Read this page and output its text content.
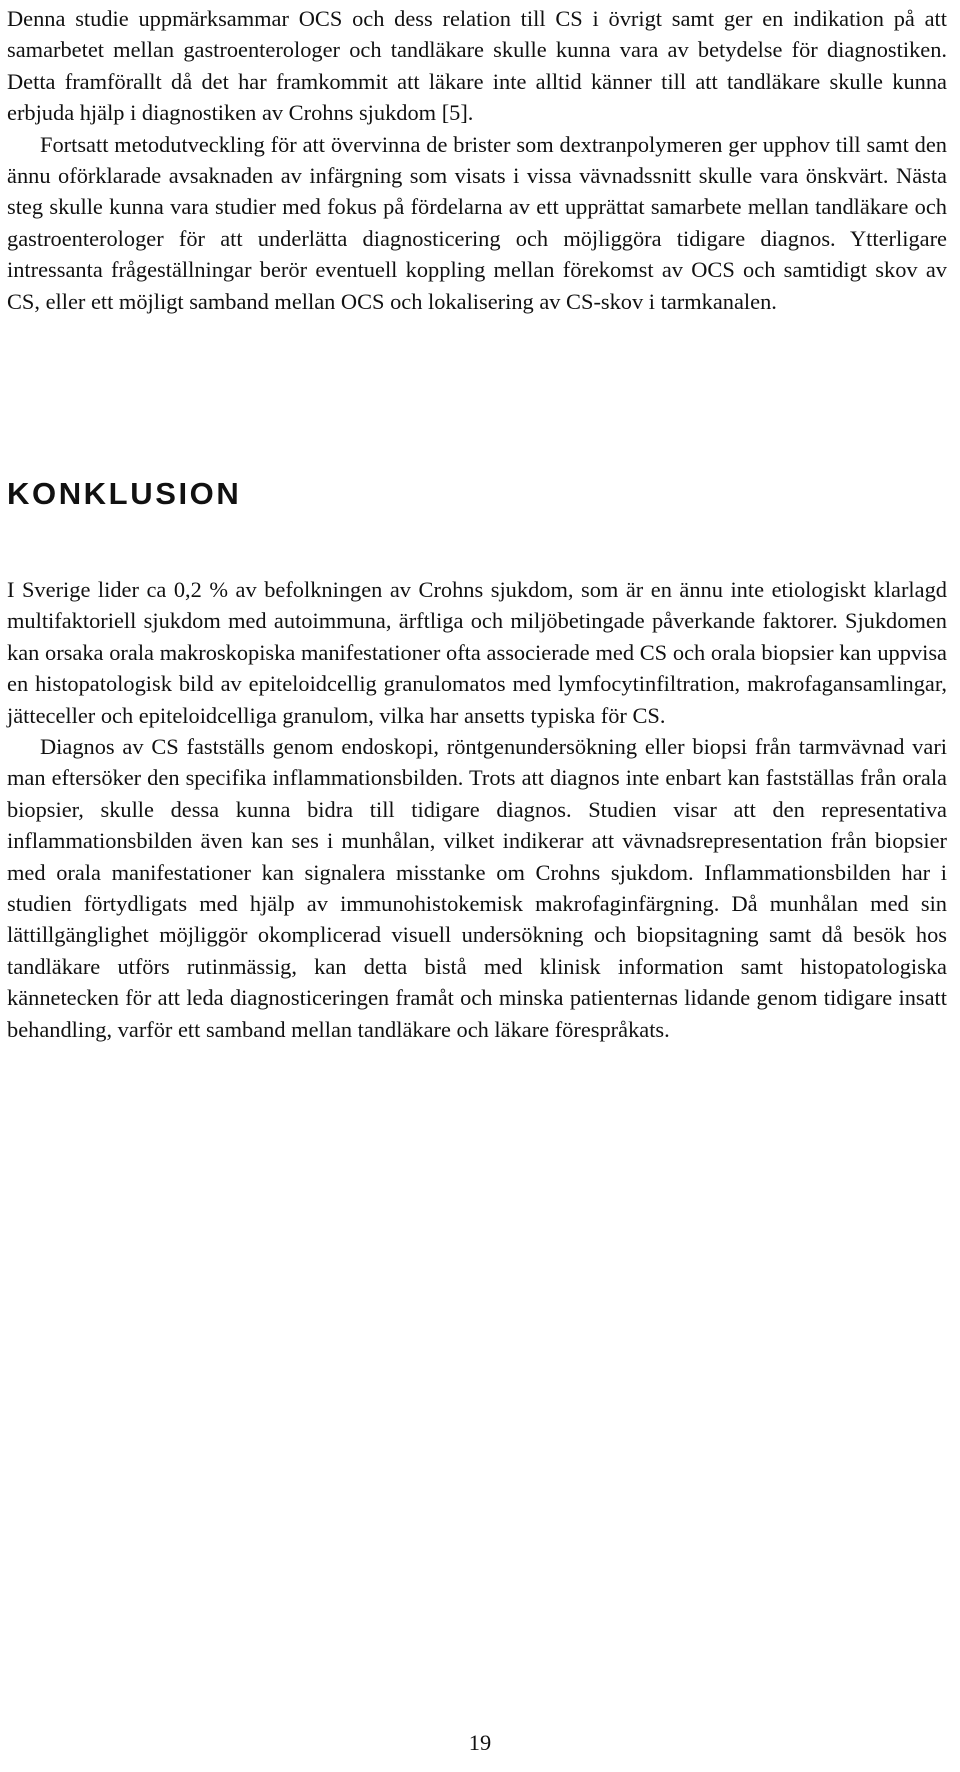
Denna studie uppmärksammar OCS och dess relation till CS i övrigt samt ger en indikation på att samarbetet mellan gastroenterologer och tandläkare skulle kunna vara av betydelse för diagnostiken. Detta framförallt då det har framkommit att läkare inte alltid känner till att tandläkare skulle kunna erbjuda hjälp i diagnostiken av Crohns sjukdom [5].

Fortsatt metodutveckling för att övervinna de brister som dextranpolymeren ger upphov till samt den ännu oförklarade avsaknaden av infärgning som visats i vissa vävnadssnitt skulle vara önskvärt. Nästa steg skulle kunna vara studier med fokus på fördelarna av ett upprättat samarbete mellan tandläkare och gastroenterologer för att underlätta diagnosticering och möjliggöra tidigare diagnos. Ytterligare intressanta frågeställningar berör eventuell koppling mellan förekomst av OCS och samtidigt skov av CS, eller ett möjligt samband mellan OCS och lokalisering av CS-skov i tarmkanalen.

KONKLUSION

I Sverige lider ca 0,2 % av befolkningen av Crohns sjukdom, som är en ännu inte etiologiskt klarlagd multifaktoriell sjukdom med autoimmuna, ärftliga och miljöbetingade påverkande faktorer. Sjukdomen kan orsaka orala makroskopiska manifestationer ofta associerade med CS och orala biopsier kan uppvisa en histopatologisk bild av epiteloidcellig granulomatos med lymfocytinfiltration, makrofagansamlingar, jätteceller och epiteloidcelliga granulom, vilka har ansetts typiska för CS.

Diagnos av CS fastställs genom endoskopi, röntgenundersökning eller biopsi från tarmvävnad vari man eftersöker den specifika inflammationsbilden. Trots att diagnos inte enbart kan fastställas från orala biopsier, skulle dessa kunna bidra till tidigare diagnos. Studien visar att den representativa inflammationsbilden även kan ses i munhålan, vilket indikerar att vävnadsrepresentation från biopsier med orala manifestationer kan signalera misstanke om Crohns sjukdom. Inflammationsbilden har i studien förtydligats med hjälp av immunohistokemisk makrofaginfärgning. Då munhålan med sin lättillgänglighet möjliggör okomplicerad visuell undersökning och biopsitagning samt då besök hos tandläkare utförs rutinmässig, kan detta bistå med klinisk information samt histopatologiska kännetecken för att leda diagnosticeringen framåt och minska patienternas lidande genom tidigare insatt behandling, varför ett samband mellan tandläkare och läkare förespråkats.

19
